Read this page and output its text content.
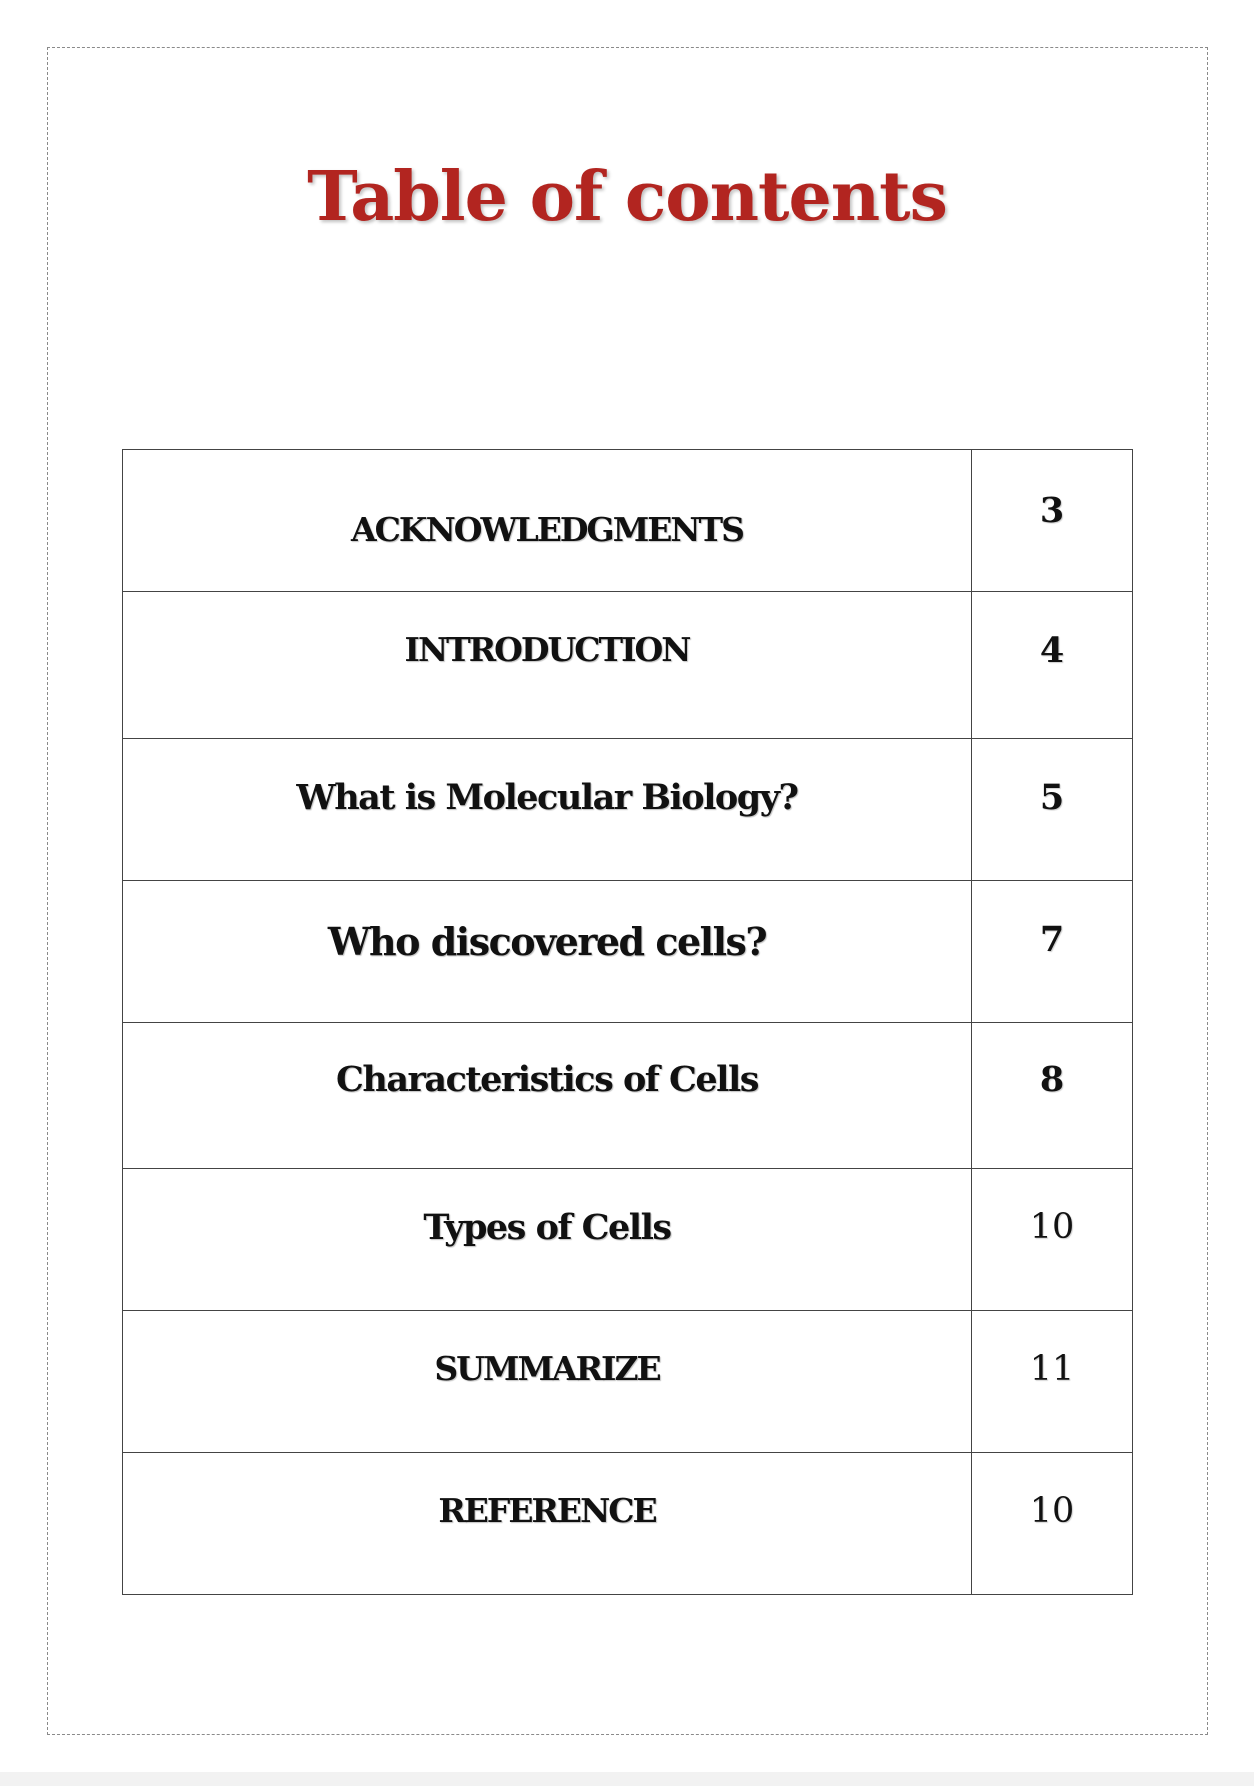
Table of contents
ACKNOWLEDGMENTS	3
INTRODUCTION	4
What is Molecular Biology?	5
Who discovered cells?	7
Characteristics of Cells	8
Types of Cells	10
SUMMARIZE	11
REFERENCE	10
